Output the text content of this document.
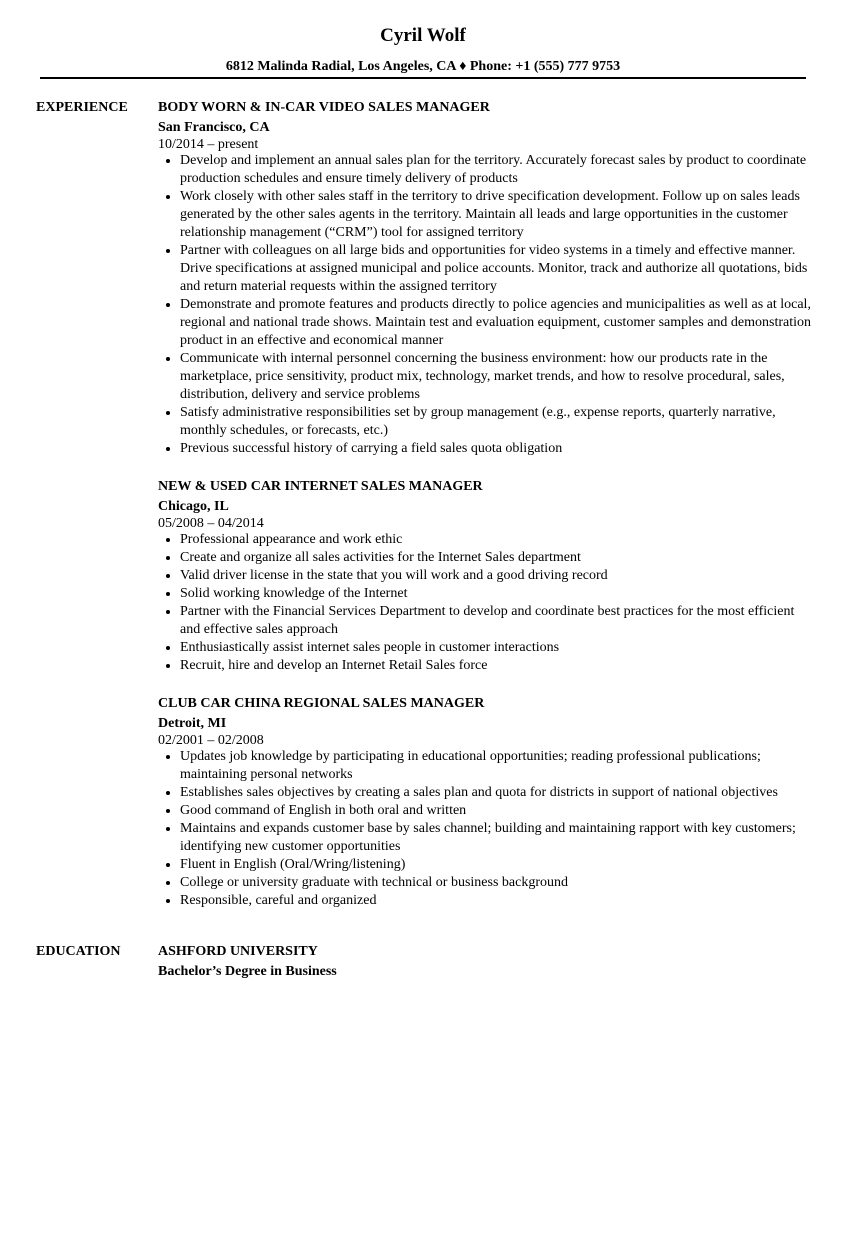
Cyril Wolf
6812 Malinda Radial, Los Angeles, CA ♦ Phone: +1 (555) 777 9753
EXPERIENCE BODY WORN & IN-CAR VIDEO SALES MANAGER
San Francisco, CA
10/2014 – present
Develop and implement an annual sales plan for the territory. Accurately forecast sales by product to coordinate production schedules and ensure timely delivery of products
Work closely with other sales staff in the territory to drive specification development. Follow up on sales leads generated by the other sales agents in the territory. Maintain all leads and large opportunities in the customer relationship management (“CRM”) tool for assigned territory
Partner with colleagues on all large bids and opportunities for video systems in a timely and effective manner. Drive specifications at assigned municipal and police accounts. Monitor, track and authorize all quotations, bids and return material requests within the assigned territory
Demonstrate and promote features and products directly to police agencies and municipalities as well as at local, regional and national trade shows. Maintain test and evaluation equipment, customer samples and demonstration product in an effective and economical manner
Communicate with internal personnel concerning the business environment: how our products rate in the marketplace, price sensitivity, product mix, technology, market trends, and how to resolve procedural, sales, distribution, delivery and service problems
Satisfy administrative responsibilities set by group management (e.g., expense reports, quarterly narrative, monthly schedules, or forecasts, etc.)
Previous successful history of carrying a field sales quota obligation
NEW & USED CAR INTERNET SALES MANAGER
Chicago, IL
05/2008 – 04/2014
Professional appearance and work ethic
Create and organize all sales activities for the Internet Sales department
Valid driver license in the state that you will work and a good driving record
Solid working knowledge of the Internet
Partner with the Financial Services Department to develop and coordinate best practices for the most efficient and effective sales approach
Enthusiastically assist internet sales people in customer interactions
Recruit, hire and develop an Internet Retail Sales force
CLUB CAR CHINA REGIONAL SALES MANAGER
Detroit, MI
02/2001 – 02/2008
Updates job knowledge by participating in educational opportunities; reading professional publications; maintaining personal networks
Establishes sales objectives by creating a sales plan and quota for districts in support of national objectives
Good command of English in both oral and written
Maintains and expands customer base by sales channel; building and maintaining rapport with key customers; identifying new customer opportunities
Fluent in English (Oral/Wring/listening)
College or university graduate with technical or business background
Responsible, careful and organized
EDUCATION	ASHFORD UNIVERSITY
Bachelor’s Degree in Business
